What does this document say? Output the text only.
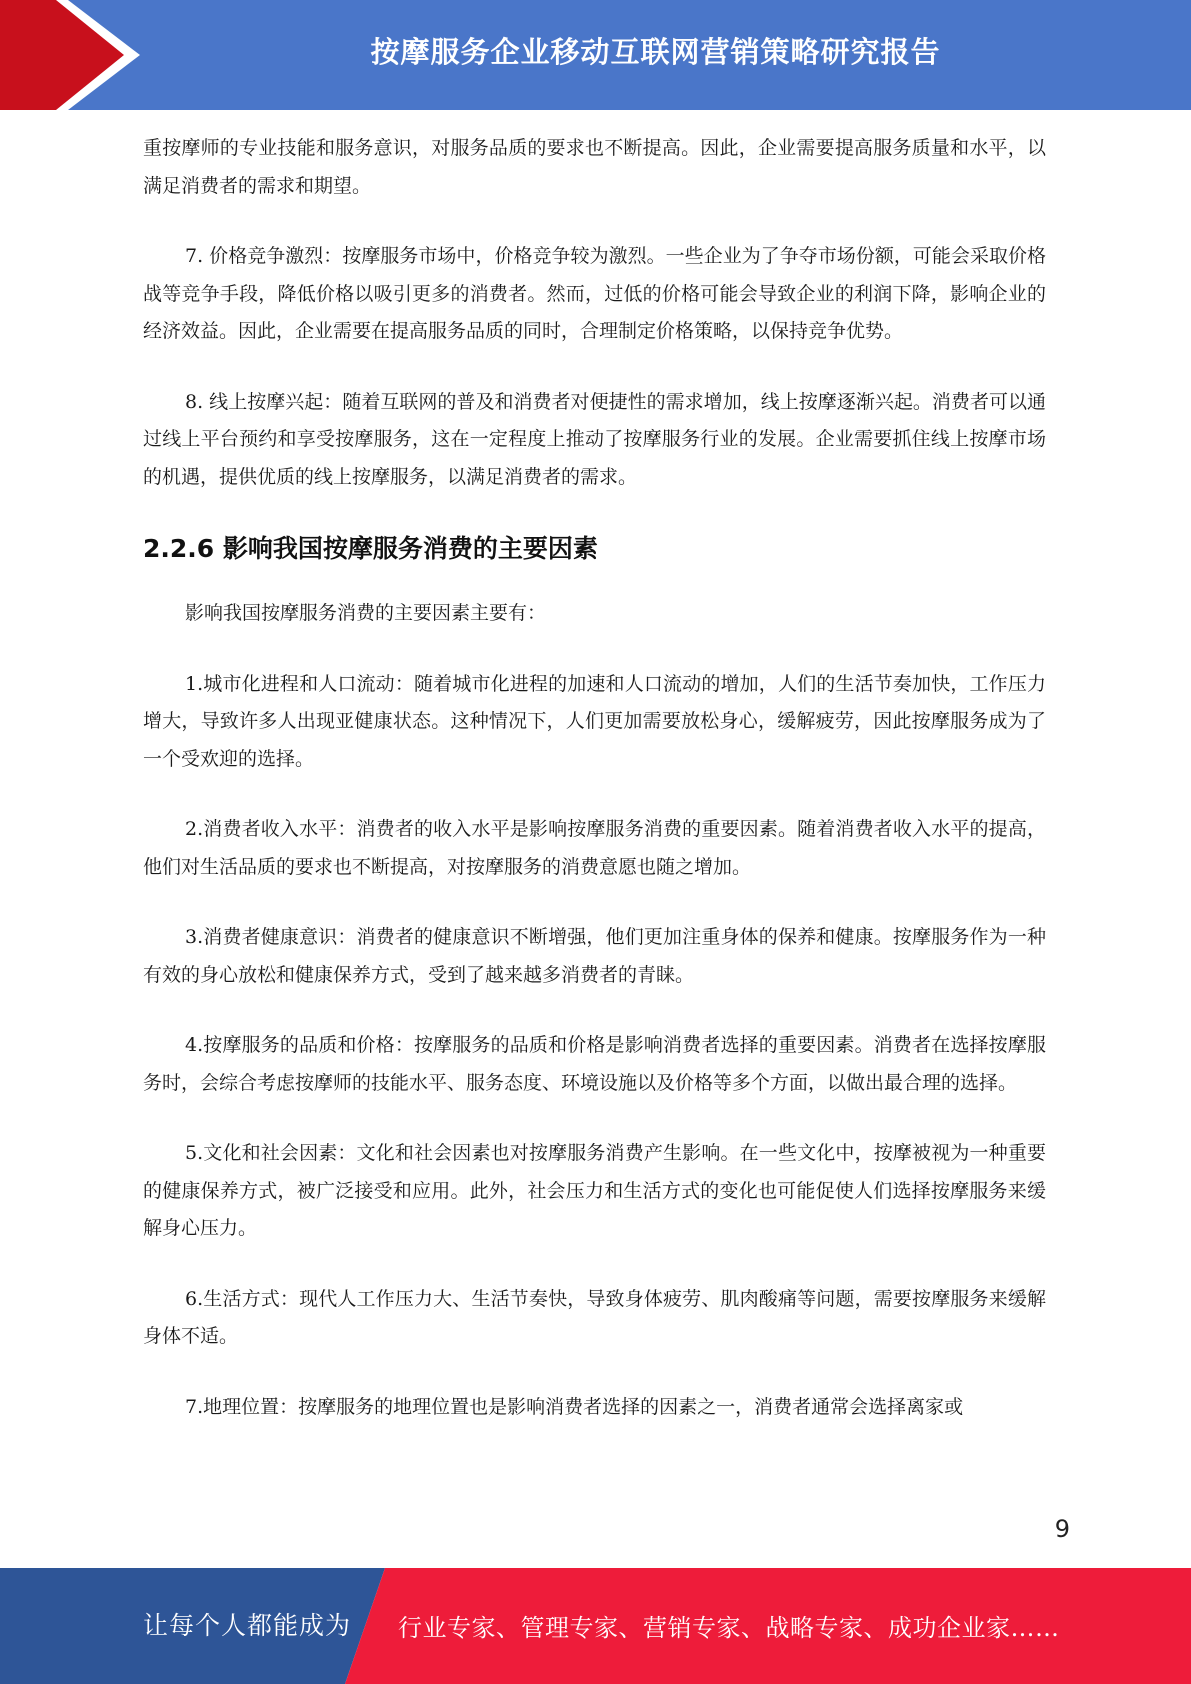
按摩服务企业移动互联网营销策略研究报告

重按摩师的专业技能和服务意识，对服务品质的要求也不断提高。因此，企业需要提高服务质量和水平，以满足消费者的需求和期望。

7. 价格竞争激烈：按摩服务市场中，价格竞争较为激烈。一些企业为了争夺市场份额，可能会采取价格战等竞争手段，降低价格以吸引更多的消费者。然而，过低的价格可能会导致企业的利润下降，影响企业的经济效益。因此，企业需要在提高服务品质的同时，合理制定价格策略，以保持竞争优势。

8. 线上按摩兴起：随着互联网的普及和消费者对便捷性的需求增加，线上按摩逐渐兴起。消费者可以通过线上平台预约和享受按摩服务，这在一定程度上推动了按摩服务行业的发展。企业需要抓住线上按摩市场的机遇，提供优质的线上按摩服务，以满足消费者的需求。

2.2.6 影响我国按摩服务消费的主要因素

影响我国按摩服务消费的主要因素主要有：

1.城市化进程和人口流动：随着城市化进程的加速和人口流动的增加，人们的生活节奏加快，工作压力增大，导致许多人出现亚健康状态。这种情况下，人们更加需要放松身心，缓解疲劳，因此按摩服务成为了一个受欢迎的选择。

2.消费者收入水平：消费者的收入水平是影响按摩服务消费的重要因素。随着消费者收入水平的提高，他们对生活品质的要求也不断提高，对按摩服务的消费意愿也随之增加。

3.消费者健康意识：消费者的健康意识不断增强，他们更加注重身体的保养和健康。按摩服务作为一种有效的身心放松和健康保养方式，受到了越来越多消费者的青睐。

4.按摩服务的品质和价格：按摩服务的品质和价格是影响消费者选择的重要因素。消费者在选择按摩服务时，会综合考虑按摩师的技能水平、服务态度、环境设施以及价格等多个方面，以做出最合理的选择。

5.文化和社会因素：文化和社会因素也对按摩服务消费产生影响。在一些文化中，按摩被视为一种重要的健康保养方式，被广泛接受和应用。此外，社会压力和生活方式的变化也可能促使人们选择按摩服务来缓解身心压力。

6.生活方式：现代人工作压力大、生活节奏快，导致身体疲劳、肌肉酸痛等问题，需要按摩服务来缓解身体不适。

7.地理位置：按摩服务的地理位置也是影响消费者选择的因素之一，消费者通常会选择离家或

9
让每个人都能成为 行业专家、管理专家、营销专家、战略专家、成功企业家……
